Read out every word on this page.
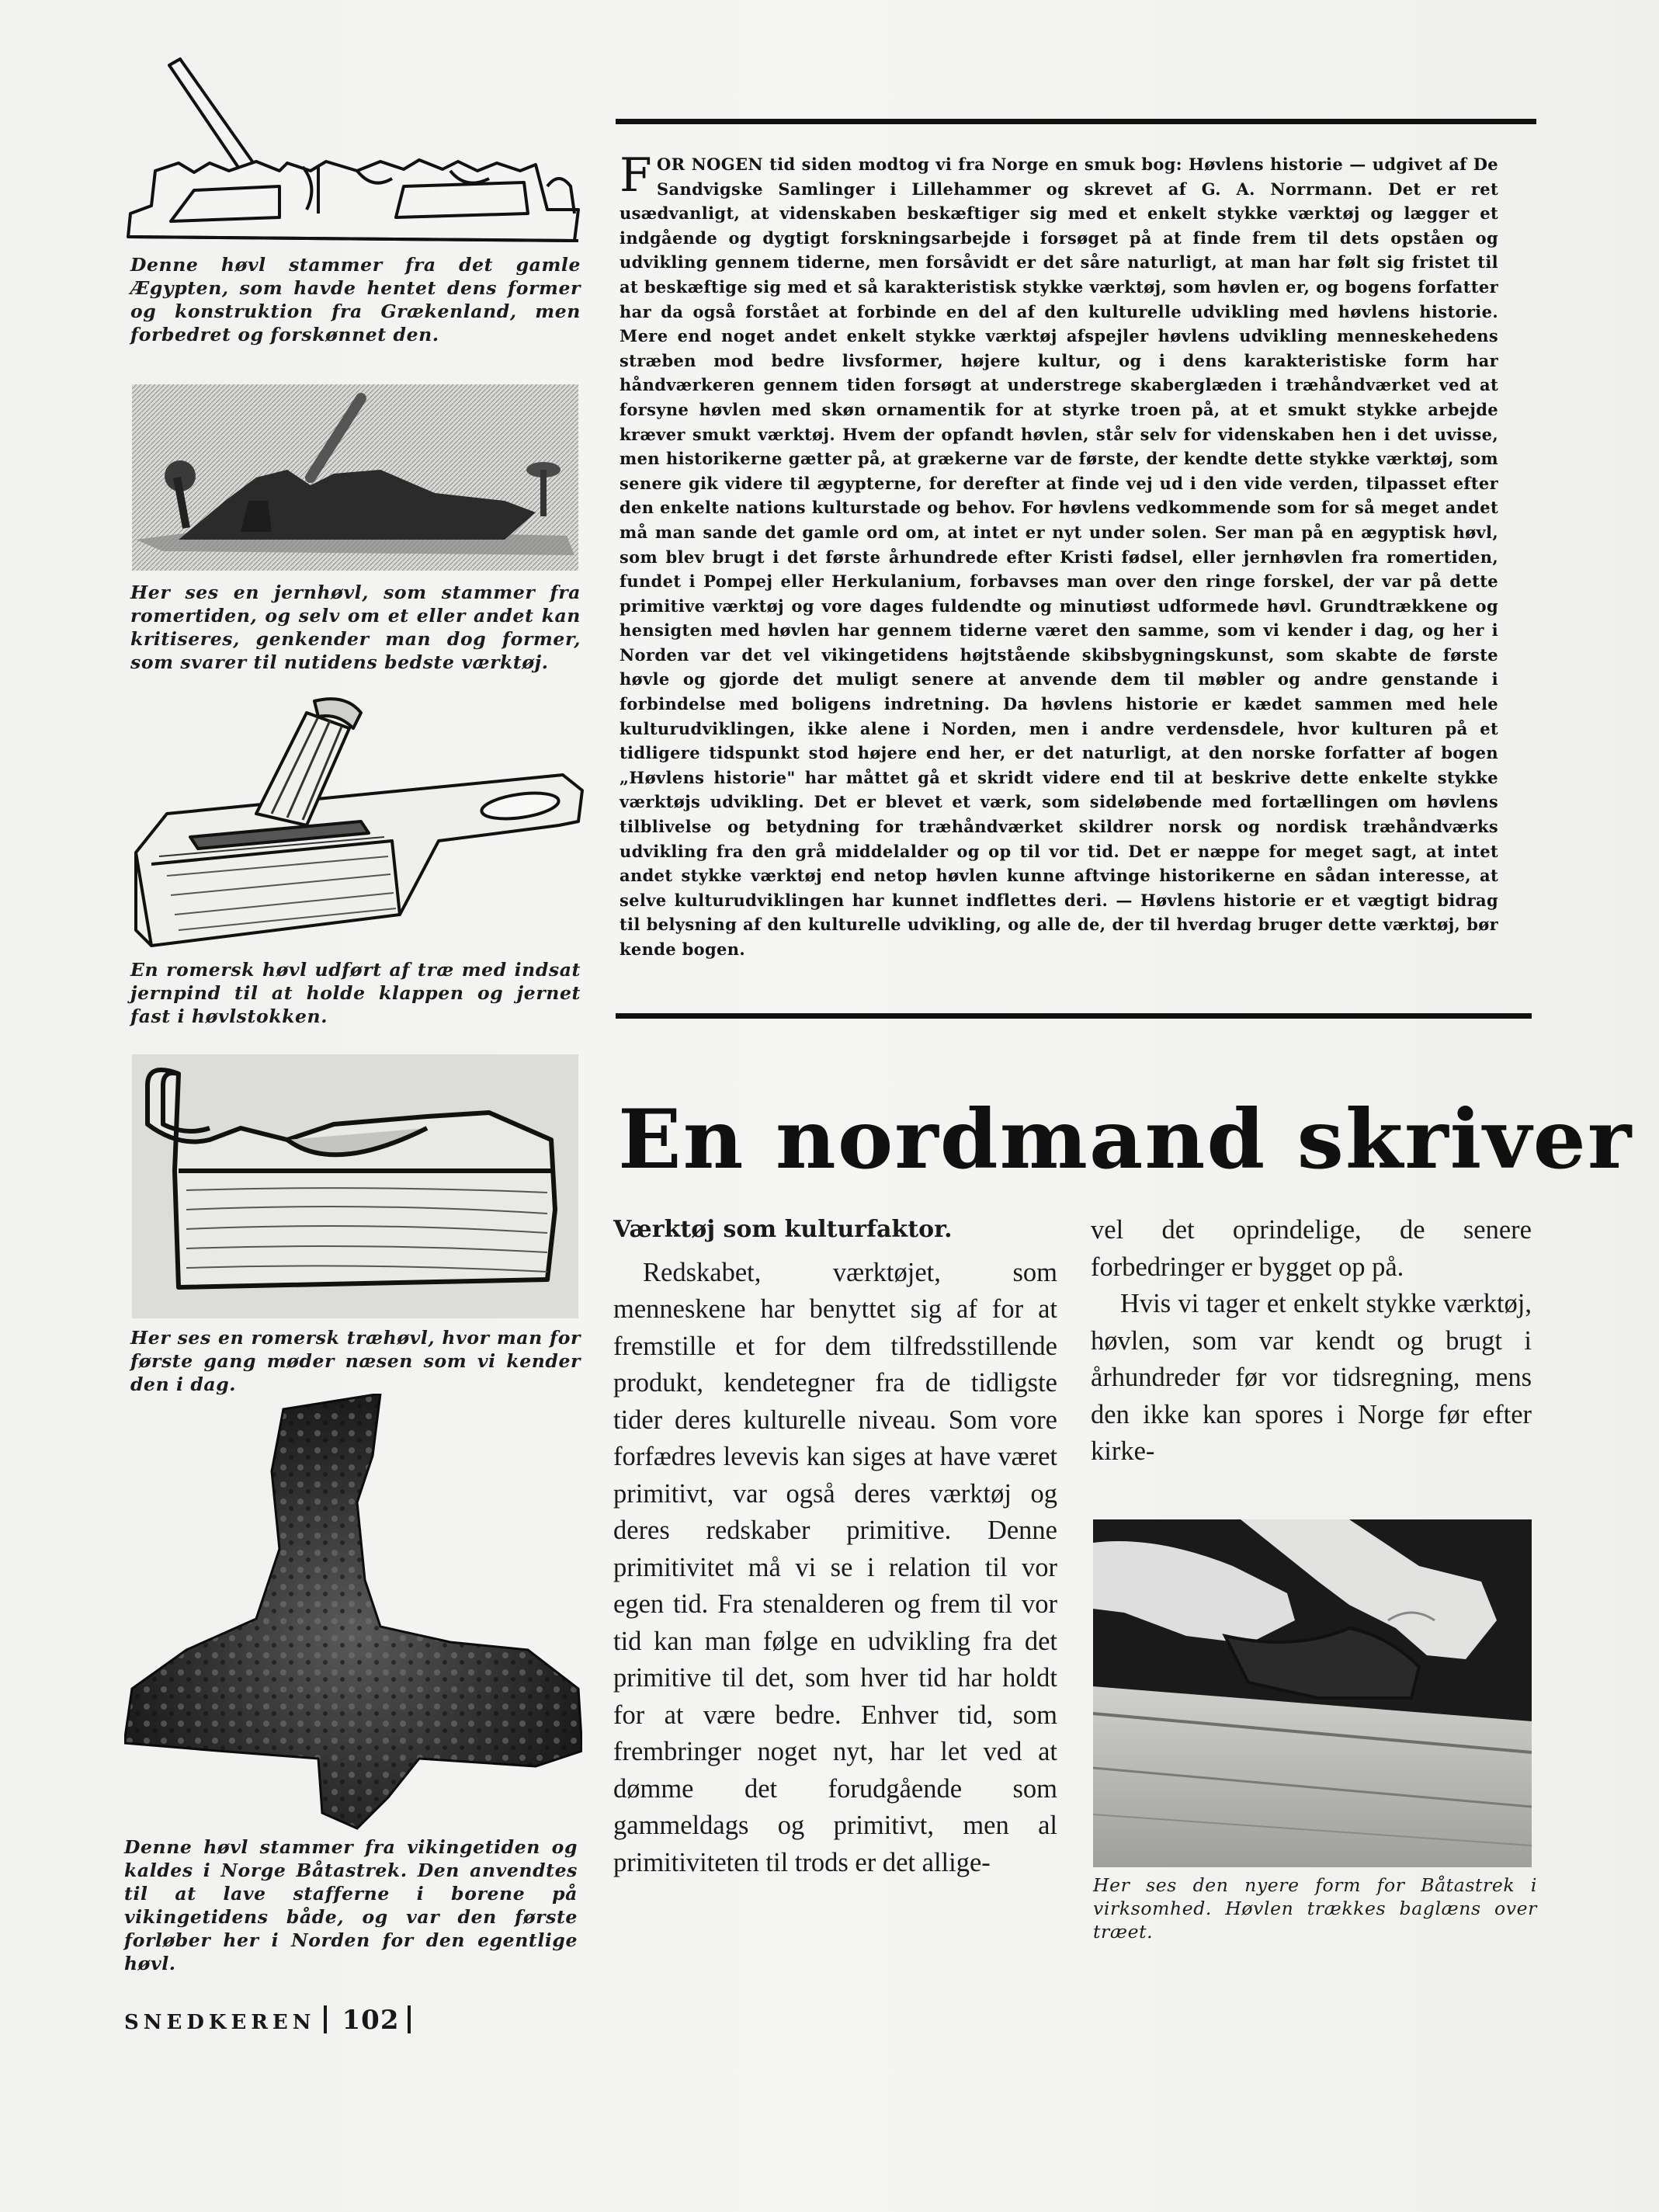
Denne høvl stammer fra det gamle Ægypten, som havde hentet dens former og konstruktion fra Grækenland, men forbedret og forskønnet den.
Her ses en jernhøvl, som stammer fra romertiden, og selv om et eller andet kan kritiseres, genkender man dog former, som svarer til nutidens bedste værktøj.
En romersk høvl udført af træ med indsat jernpind til at holde klappen og jernet fast i høvlstokken.
Her ses en romersk træhøvl, hvor man for første gang møder næsen som vi kender den i dag.
Denne høvl stammer fra vikingetiden og kaldes i Norge Båtastrek. Den anvendtes til at lave stafferne i borene på vikingetidens både, og var den første forløber her i Norden for den egentlige høvl.
F OR NOGEN tid siden modtog vi fra Norge en smuk bog: Høvlens historie — udgivet af De Sandvigske Samlinger i Lillehammer og skrevet af G. A. Norrmann. Det er ret usædvanligt, at videnskaben beskæftiger sig med et enkelt stykke værktøj og lægger et indgående og dygtigt forskningsarbejde i forsøget på at finde frem til dets opståen og udvikling gennem tiderne, men forsåvidt er det såre naturligt, at man har følt sig fristet til at beskæftige sig med et så karakteristisk stykke værktøj, som høvlen er, og bogens forfatter har da også forstået at forbinde en del af den kulturelle udvikling med høvlens historie. Mere end noget andet enkelt stykke værktøj afspejler høvlens udvikling menneskehedens stræben mod bedre livsformer, højere kultur, og i dens karakteristiske form har håndværkeren gennem tiden forsøgt at understrege skaberglæden i træhåndværket ved at forsyne høvlen med skøn ornamentik for at styrke troen på, at et smukt stykke arbejde kræver smukt værktøj. Hvem der opfandt høvlen, står selv for videnskaben hen i det uvisse, men historikerne gætter på, at grækerne var de første, der kendte dette stykke værktøj, som senere gik videre til ægypterne, for derefter at finde vej ud i den vide verden, tilpasset efter den enkelte nations kulturstade og behov. For høvlens vedkommende som for så meget andet må man sande det gamle ord om, at intet er nyt under solen. Ser man på en ægyptisk høvl, som blev brugt i det første århundrede efter Kristi fødsel, eller jernhøvlen fra romertiden, fundet i Pompej eller Herkulanium, forbavses man over den ringe forskel, der var på dette primitive værktøj og vore dages fuldendte og minutiøst udformede høvl. Grundtrækkene og hensigten med høvlen har gennem tiderne været den samme, som vi kender i dag, og her i Norden var det vel vikingetidens højtstående skibsbygningskunst, som skabte de første høvle og gjorde det muligt senere at anvende dem til møbler og andre genstande i forbindelse med boligens indretning. Da høvlens historie er kædet sammen med hele kulturudviklingen, ikke alene i Norden, men i andre verdensdele, hvor kulturen på et tidligere tidspunkt stod højere end her, er det naturligt, at den norske forfatter af bogen „Høvlens historie" har måttet gå et skridt videre end til at beskrive dette enkelte stykke værktøjs udvikling. Det er blevet et værk, som sideløbende med fortællingen om høvlens tilblivelse og betydning for træhåndværket skildrer norsk og nordisk træhåndværks udvikling fra den grå middelalder og op til vor tid. Det er næppe for meget sagt, at intet andet stykke værktøj end netop høvlen kunne aftvinge historikerne en sådan interesse, at selve kulturudviklingen har kunnet indflettes deri. — Høvlens historie er et vægtigt bidrag til belysning af den kulturelle udvikling, og alle de, der til hverdag bruger dette værktøj, bør kende bogen.
En nordmand skriver

Værktøj som kulturfaktor.

Redskabet, værktøjet, som menneskene har benyttet sig af for at fremstille et for dem tilfredsstillende produkt, kendetegner fra de tidligste tider deres kulturelle niveau. Som vore forfædres levevis kan siges at have været primitivt, var også deres værktøj og deres redskaber primitive. Denne primitivitet må vi se i relation til vor egen tid. Fra stenalderen og frem til vor tid kan man følge en udvikling fra det primitive til det, som hver tid har holdt for at være bedre. Enhver tid, som frembringer noget nyt, har let ved at dømme det forudgående som gammeldags og primitivt, men al primitiviteten til trods er det allige-

vel det oprindelige, de senere forbedringer er bygget op på.

Hvis vi tager et enkelt stykke værktøj, høvlen, som var kendt og brugt i århundreder før vor tidsregning, mens den ikke kan spores i Norge før efter kirke-

Her ses den nyere form for Båtastrek i virksomhed. Høvlen trækkes baglæns over træet.
SNEDKEREN 102
